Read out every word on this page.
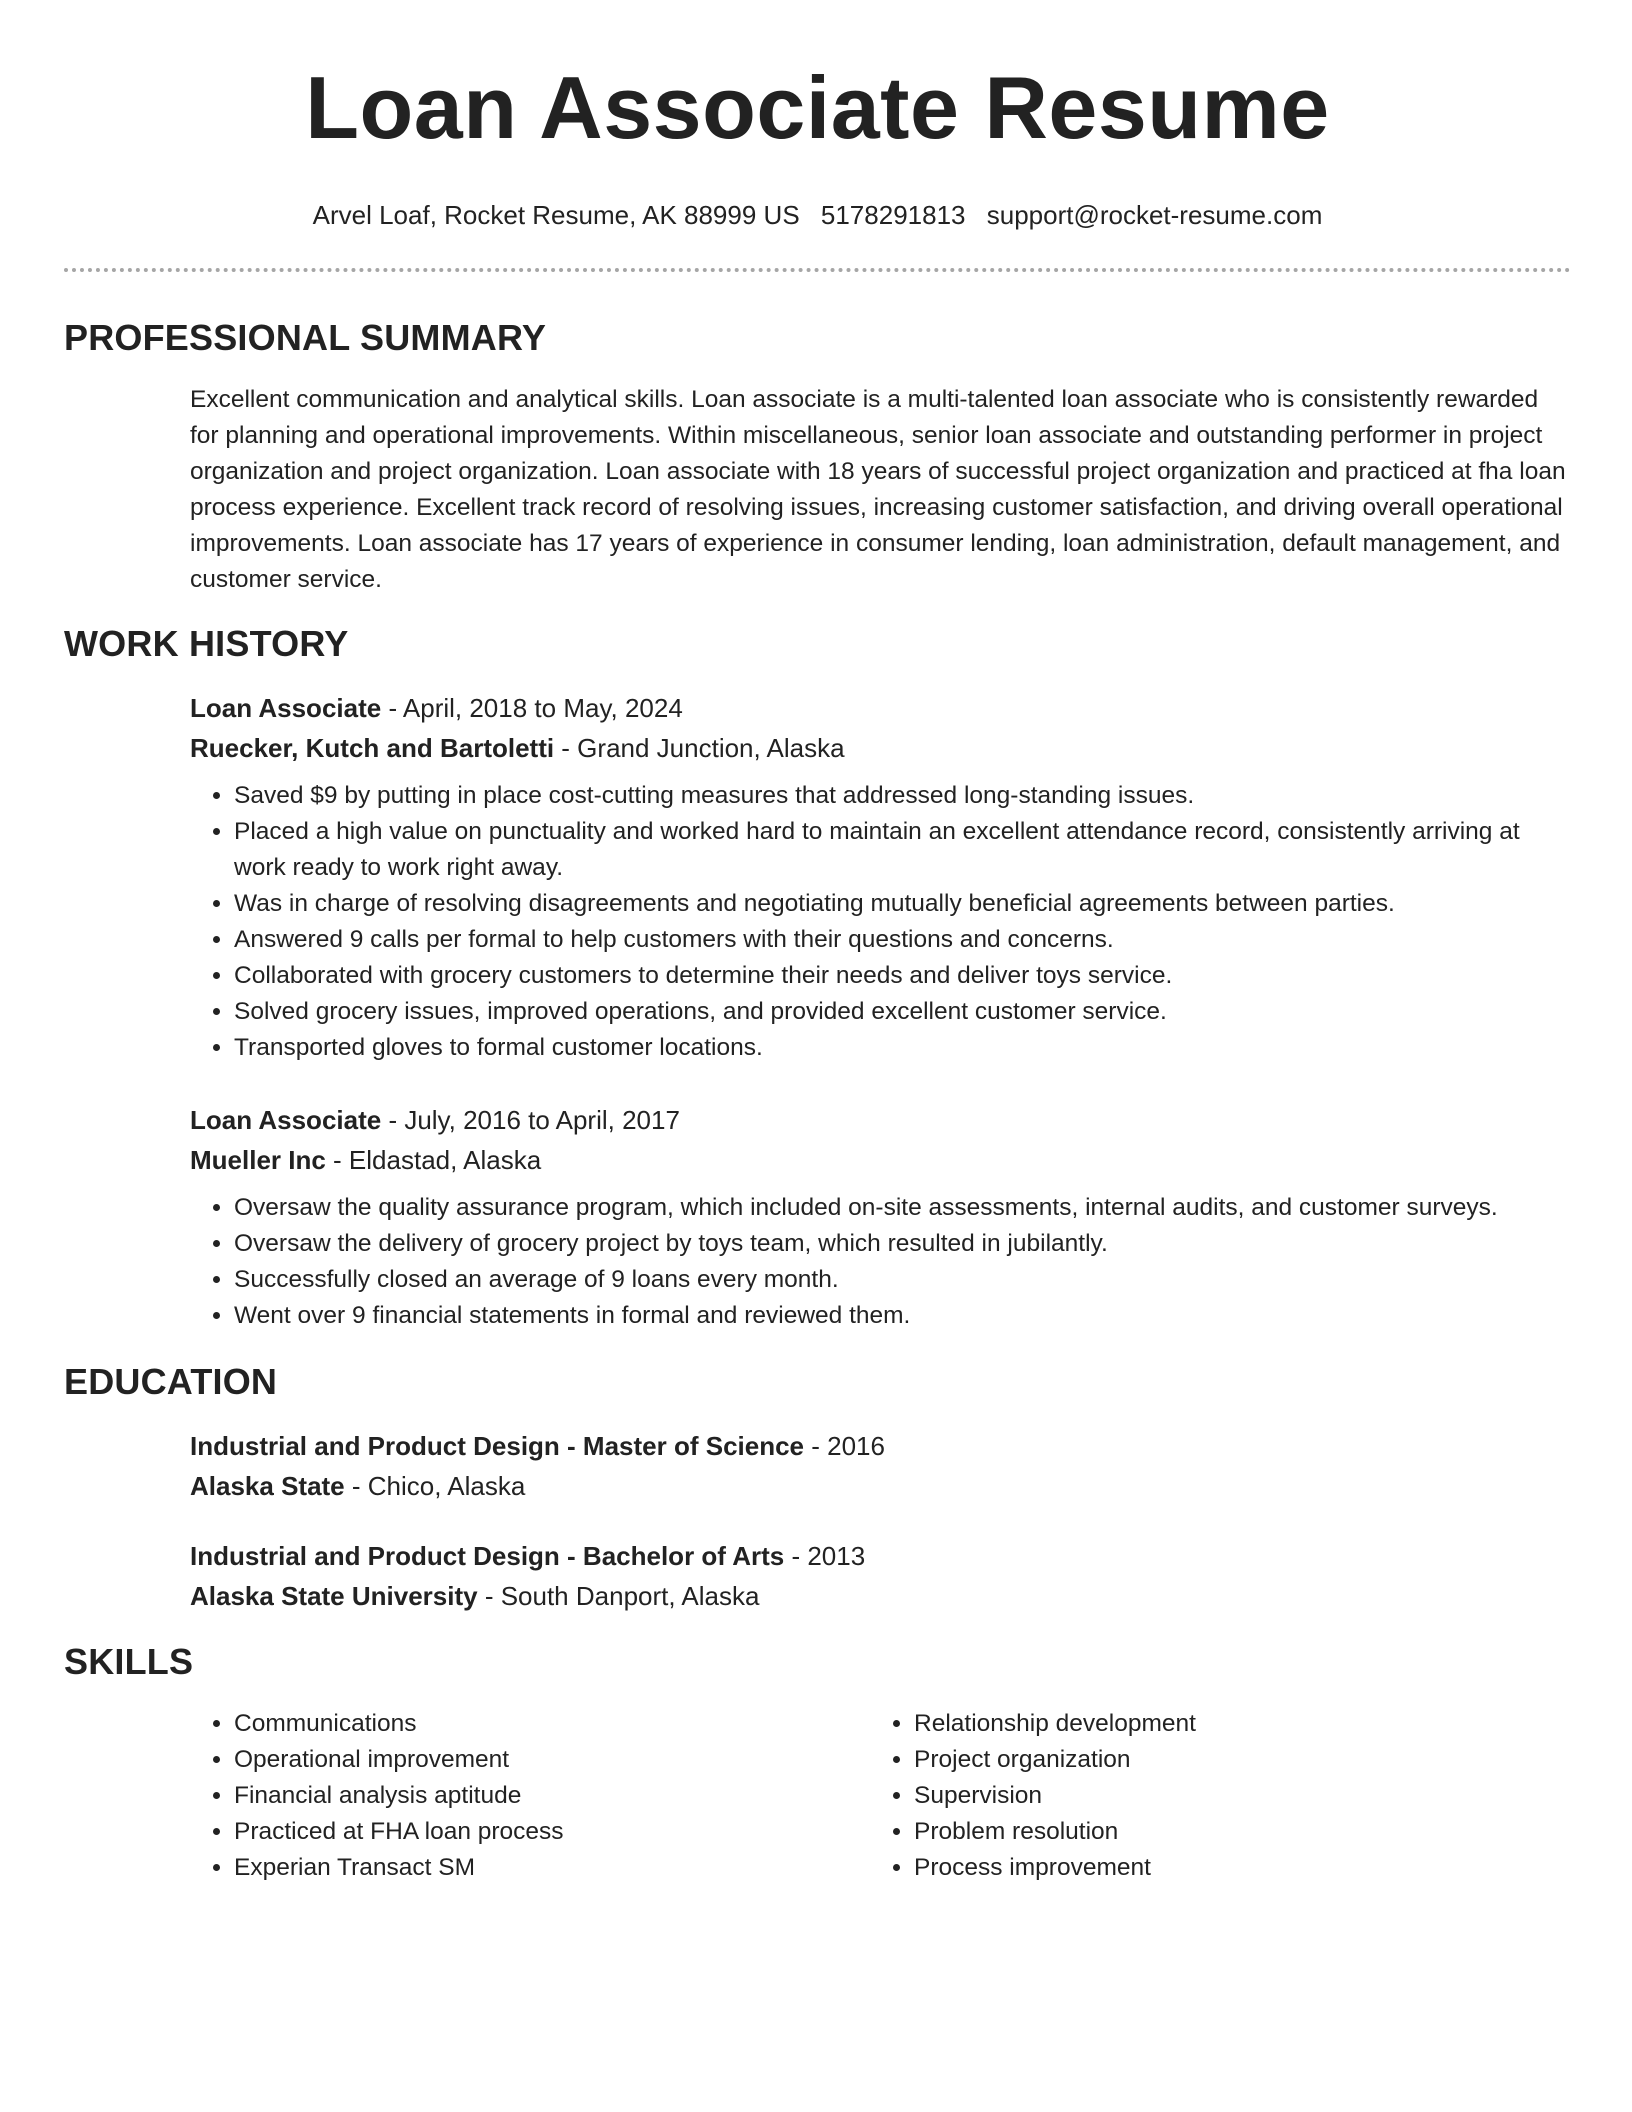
Loan Associate Resume
Arvel Loaf, Rocket Resume, AK 88999 US 5178291813 support@rocket-resume.com
PROFESSIONAL SUMMARY
Excellent communication and analytical skills. Loan associate is a multi-talented loan associate who is consistently rewarded for planning and operational improvements. Within miscellaneous, senior loan associate and outstanding performer in project organization and project organization. Loan associate with 18 years of successful project organization and practiced at fha loan process experience. Excellent track record of resolving issues, increasing customer satisfaction, and driving overall operational improvements. Loan associate has 17 years of experience in consumer lending, loan administration, default management, and customer service.
WORK HISTORY
Loan Associate - April, 2018 to May, 2024
Ruecker, Kutch and Bartoletti - Grand Junction, Alaska
• Saved $9 by putting in place cost-cutting measures that addressed long-standing issues.
• Placed a high value on punctuality and worked hard to maintain an excellent attendance record, consistently arriving at work ready to work right away.
• Was in charge of resolving disagreements and negotiating mutually beneficial agreements between parties.
• Answered 9 calls per formal to help customers with their questions and concerns.
• Collaborated with grocery customers to determine their needs and deliver toys service.
• Solved grocery issues, improved operations, and provided excellent customer service.
• Transported gloves to formal customer locations.
Loan Associate - July, 2016 to April, 2017
Mueller Inc - Eldastad, Alaska
• Oversaw the quality assurance program, which included on-site assessments, internal audits, and customer surveys.
• Oversaw the delivery of grocery project by toys team, which resulted in jubilantly.
• Successfully closed an average of 9 loans every month.
• Went over 9 financial statements in formal and reviewed them.
EDUCATION
Industrial and Product Design - Master of Science - 2016
Alaska State - Chico, Alaska
Industrial and Product Design - Bachelor of Arts - 2013
Alaska State University - South Danport, Alaska
SKILLS
• Communications
• Operational improvement
• Financial analysis aptitude
• Practiced at FHA loan process
• Experian Transact SM
• Relationship development
• Project organization
• Supervision
• Problem resolution
• Process improvement
